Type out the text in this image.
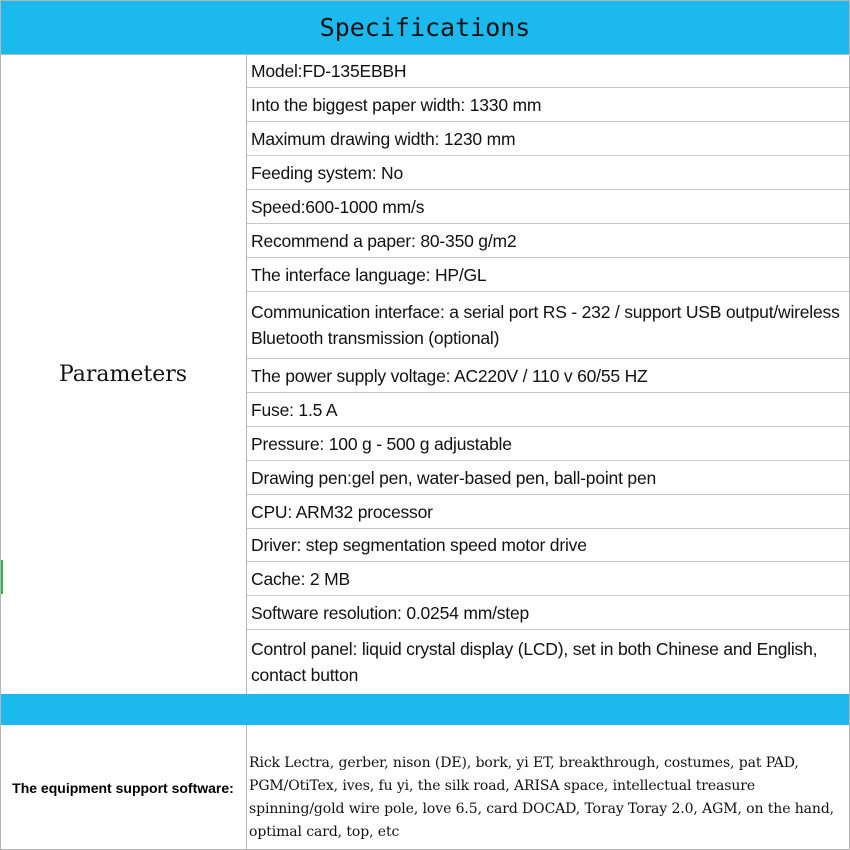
Specifications
Parameters
Model:FD-135EBBH
Into the biggest paper width: 1330 mm
Maximum drawing width: 1230 mm
Feeding system: No
Speed:600-1000 mm/s
Recommend a paper: 80-350 g/m2
The interface language: HP/GL
Communication interface: a serial port RS - 232 / support USB output/wireless Bluetooth transmission (optional)
The power supply voltage: AC220V / 110 v 60/55 HZ
Fuse: 1.5 A
Pressure: 100 g - 500 g adjustable
Drawing pen:gel pen, water-based pen, ball-point pen
CPU: ARM32 processor
Driver: step segmentation speed motor drive
Cache: 2 MB
Software resolution: 0.0254 mm/step
Control panel: liquid crystal display (LCD), set in both Chinese and English, contact button
The equipment support software:
Rick Lectra, gerber, nison (DE), bork, yi ET, breakthrough, costumes, pat PAD, PGM/OtiTex, ives, fu yi, the silk road, ARISA space, intellectual treasure spinning/gold wire pole, love 6.5, card DOCAD, Toray Toray 2.0, AGM, on the hand, optimal card, top, etc
